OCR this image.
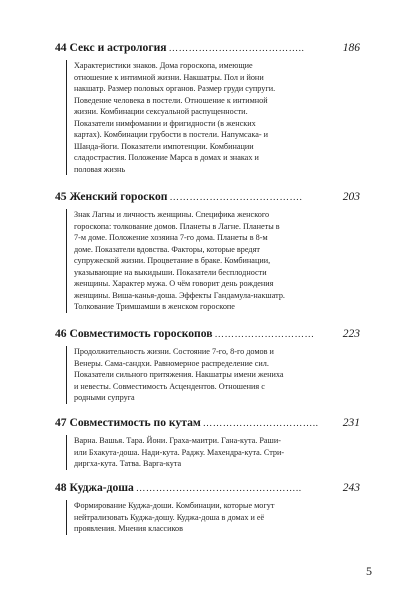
44 Секс и астрология …………………………………..	186
Характеристики знаков. Дома гороскопа, имеющие
отношение к интимной жизни. Накшатры. Пол и йони
накшатр. Размер половых органов. Размер груди супруги.
Поведение человека в постели. Отношение к интимной
жизни. Комбинации сексуальной распущенности.
Показатели нимфомании и фригидности (в женских
картах). Комбинации грубости в постели. Напумсака- и
Шанда-йоги. Показатели импотенции. Комбинации
сладострастия. Положение Марса в домах и знаках и
половая жизнь
45 Женский гороскоп ………………………………….	203
Знак Лагны и личность женщины. Специфика женского
гороскопа: толкование домов. Планеты в Лагне. Планеты в
7-м доме. Положение хозяина 7-го дома. Планеты в 8-м
доме. Показатели вдовства. Факторы, которые вредят
супружеской жизни. Процветание в браке. Комбинации,
указывающие на выкидыши. Показатели бесплодности
женщины. Характер мужа. О чём говорит день рождения
женщины. Виша-канья-доша. Эффекты Гандамула-накшатр.
Толкование Тримшамши в женском гороскопе
46 Совместимость гороскопов …………………………	223
Продолжительность жизни. Состояние 7-го, 8-го домов и
Венеры. Сама-сандхи. Равномерное распределение сил.
Показатели сильного притяжения. Накшатры имени жениха
и невесты. Совместимость Асцендентов. Отношения с
родными супруга
47 Совместимость по кутам ……………………………..	231
Варна. Вашья. Тара. Йони. Граха-маитри. Гана-кута. Раши-
или Бхакута-доша. Нади-кута. Раджу. Махендра-кута. Стри-
диргха-кута. Татва. Варга-кута
48 Куджа-доша …………………………………………..	243
Формирование Куджа-доши. Комбинации, которые могут
нейтрализовать Куджа-дошу. Куджа-доша в домах и её
проявления. Мнения классиков
5
